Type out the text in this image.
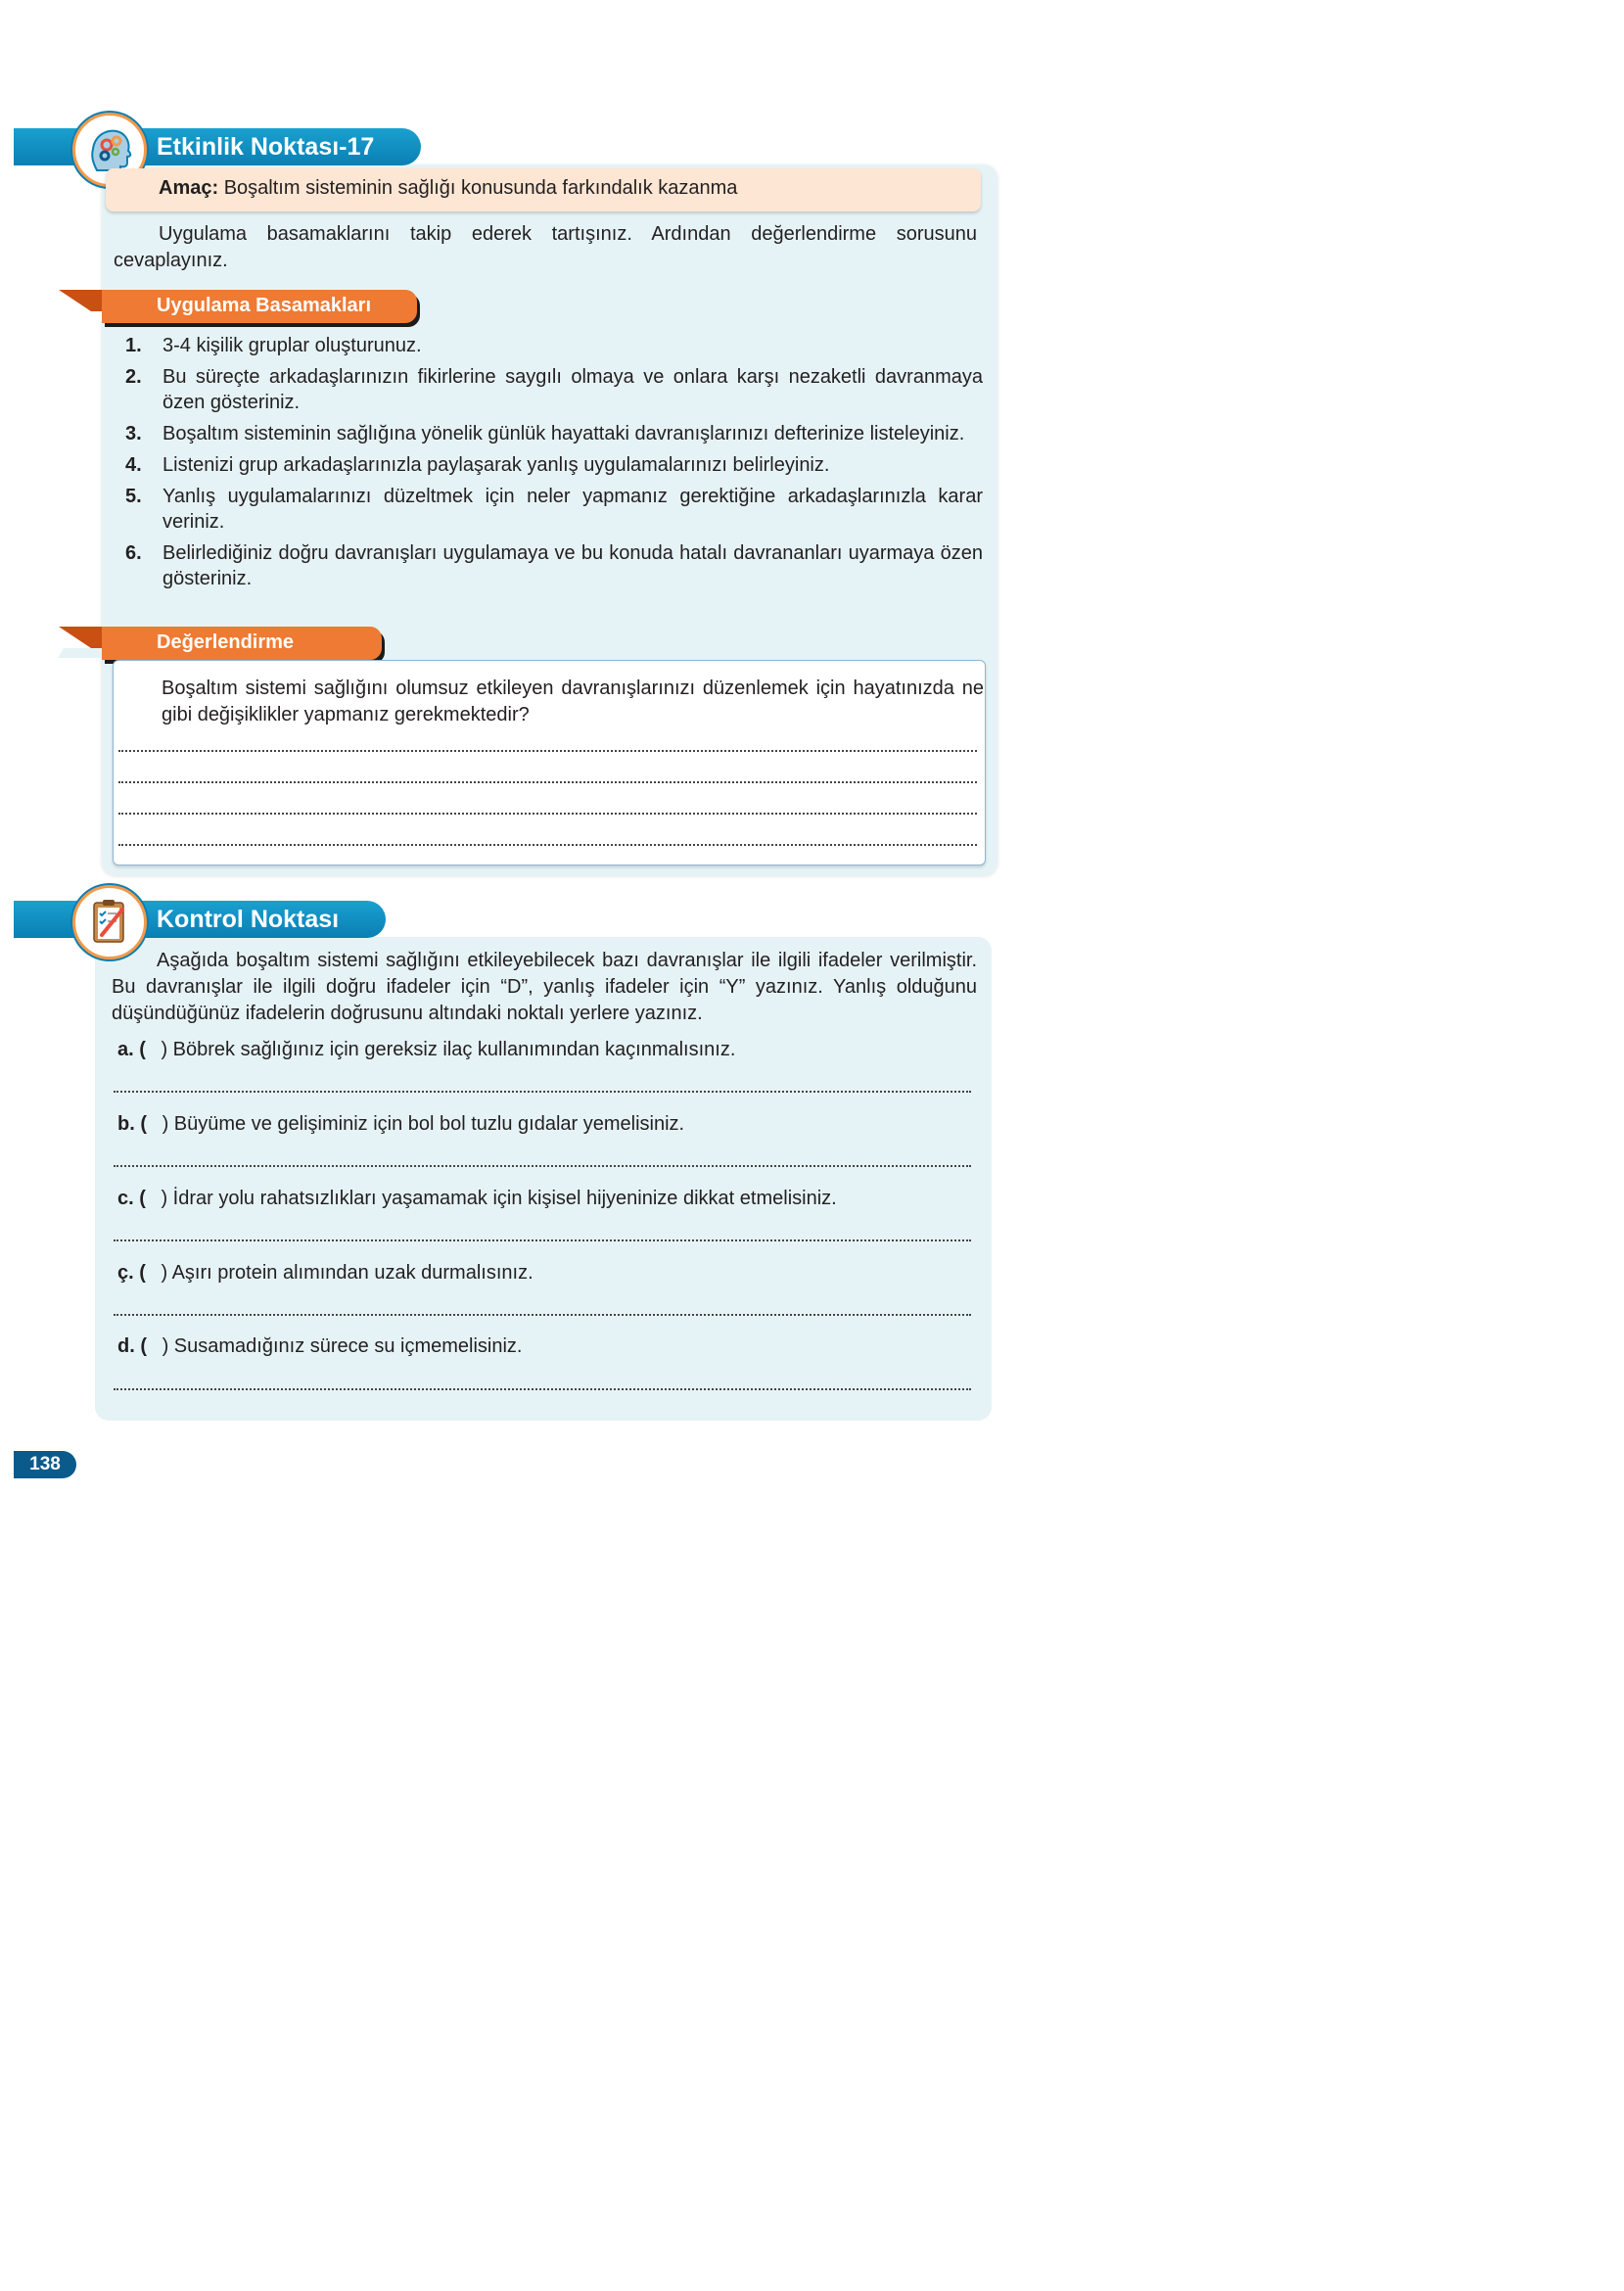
Etkinlik Noktası-17
Amaç: Boşaltım sisteminin sağlığı konusunda farkındalık kazanma
Uygulama basamaklarını takip ederek tartışınız. Ardından değerlendirme sorusunu cevaplayınız.
Uygulama Basamakları
1. 3-4 kişilik gruplar oluşturunuz.
2. Bu süreçte arkadaşlarınızın fikirlerine saygılı olmaya ve onlara karşı nezaketli davranmaya özen gösteriniz.
3. Boşaltım sisteminin sağlığına yönelik günlük hayattaki davranışlarınızı defterinize listeleyiniz.
4. Listenizi grup arkadaşlarınızla paylaşarak yanlış uygulamalarınızı belirleyiniz.
5. Yanlış uygulamalarınızı düzeltmek için neler yapmanız gerektiğine arkadaşlarınızla karar veriniz.
6. Belirlediğiniz doğru davranışları uygulamaya ve bu konuda hatalı davrananları uyarmaya özen gösteriniz.
Değerlendirme
Boşaltım sistemi sağlığını olumsuz etkileyen davranışlarınızı düzenlemek için hayatınızda ne gibi değişiklikler yapmanız gerekmektedir?
Kontrol Noktası
Aşağıda boşaltım sistemi sağlığını etkileyebilecek bazı davranışlar ile ilgili ifadeler verilmiştir. Bu davranışlar ile ilgili doğru ifadeler için “D”, yanlış ifadeler için “Y” yazınız. Yanlış olduğunu düşündüğünüz ifadelerin doğrusunu altındaki noktalı yerlere yazınız.
a. ( ) Böbrek sağlığınız için gereksiz ilaç kullanımından kaçınmalısınız.
b. ( ) Büyüme ve gelişiminiz için bol bol tuzlu gıdalar yemelisiniz.
c. ( ) İdrar yolu rahatsızlıkları yaşamamak için kişisel hijyeninize dikkat etmelisiniz.
ç. ( ) Aşırı protein alımından uzak durmalısınız.
d. ( ) Susamadığınız sürece su içmemelisiniz.
138
